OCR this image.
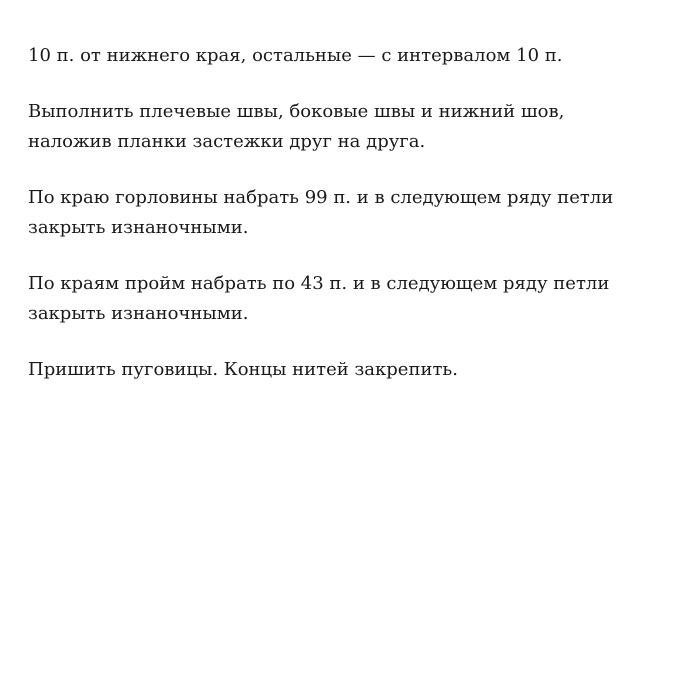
10 п. от нижнего края, остальные — с интервалом 10 п.

Выполнить плечевые швы, боковые швы и нижний шов,
наложив планки застежки друг на друга.

По краю горловины набрать 99 п. и в следующем ряду петли
закрыть изнаночными.

По краям пройм набрать по 43 п. и в следующем ряду петли
закрыть изнаночными.

Пришить пуговицы. Концы нитей закрепить.
